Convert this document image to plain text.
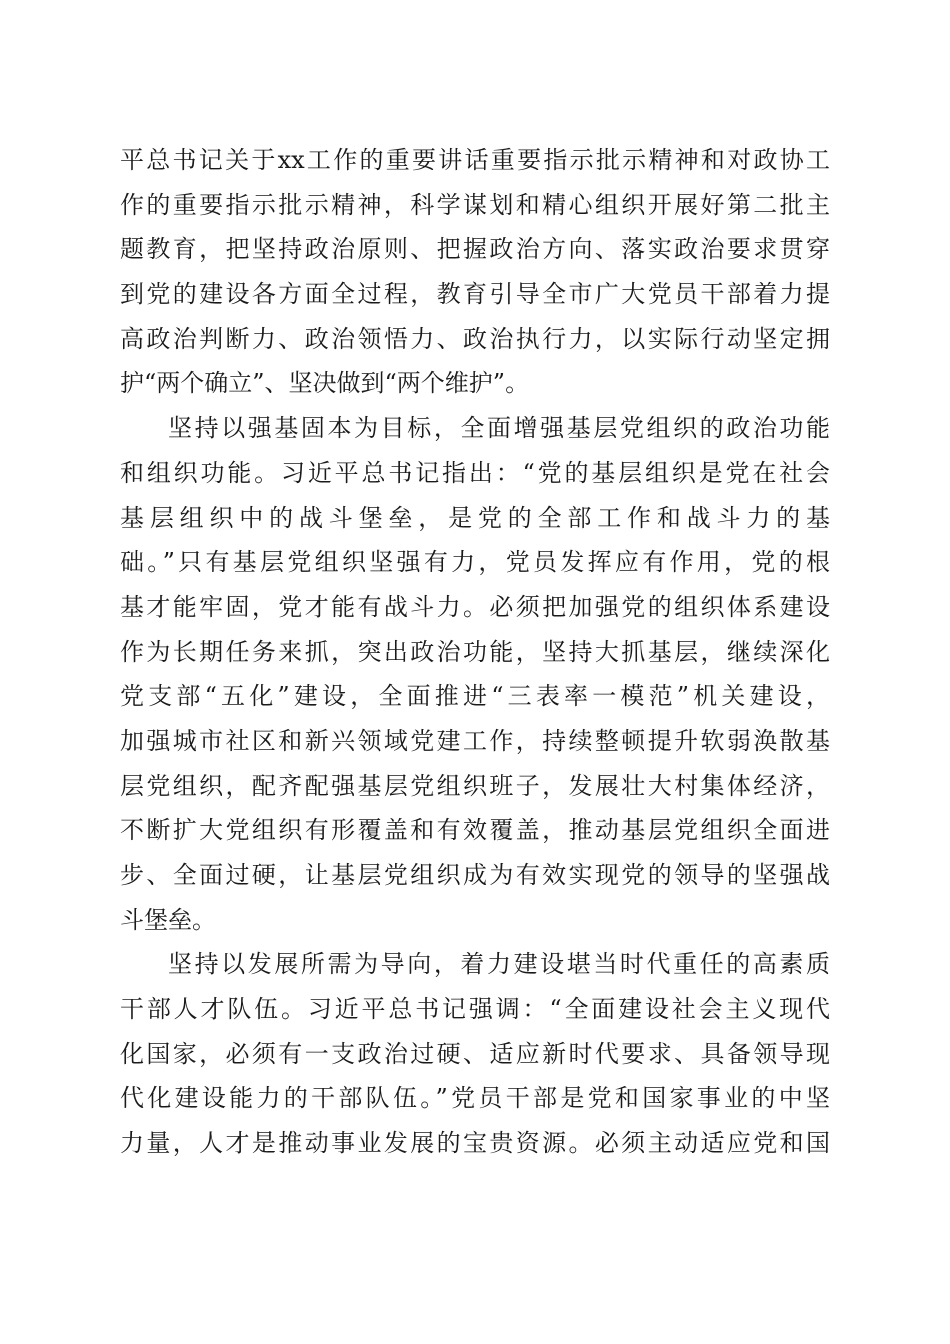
平总书记关于xx工作的重要讲话重要指示批示精神和对政协工
作的重要指示批示精神，科学谋划和精心组织开展好第二批主
题教育，把坚持政治原则、把握政治方向、落实政治要求贯穿
到党的建设各方面全过程，教育引导全市广大党员干部着力提
高政治判断力、政治领悟力、政治执行力，以实际行动坚定拥
护“两个确立”、坚决做到“两个维护”。
坚持以强基固本为目标，全面增强基层党组织的政治功能
和组织功能。习近平总书记指出：“党的基层组织是党在社会
基层组织中的战斗堡垒，是党的全部工作和战斗力的基
础。”只有基层党组织坚强有力，党员发挥应有作用，党的根
基才能牢固，党才能有战斗力。必须把加强党的组织体系建设
作为长期任务来抓，突出政治功能，坚持大抓基层，继续深化
党支部“五化”建设，全面推进“三表率一模范”机关建设，
加强城市社区和新兴领域党建工作，持续整顿提升软弱涣散基
层党组织，配齐配强基层党组织班子，发展壮大村集体经济，
不断扩大党组织有形覆盖和有效覆盖，推动基层党组织全面进
步、全面过硬，让基层党组织成为有效实现党的领导的坚强战
斗堡垒。
坚持以发展所需为导向，着力建设堪当时代重任的高素质
干部人才队伍。习近平总书记强调：“全面建设社会主义现代
化国家，必须有一支政治过硬、适应新时代要求、具备领导现
代化建设能力的干部队伍。”党员干部是党和国家事业的中坚
力量，人才是推动事业发展的宝贵资源。必须主动适应党和国
